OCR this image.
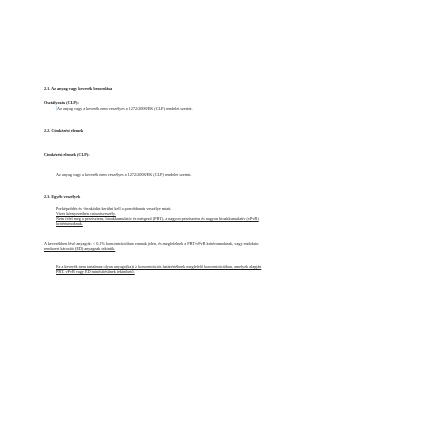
2.1. Az anyag vagy keverék besorolása
Osztályozás (CLP):
Az anyag vagy a keverék nem veszélyes a 1272/2008/EK (CLP) rendelet szerint.
2.2. Címkézési elemek
Címkézési elemek (CLP):
Az anyag vagy a keverék nem veszélyes a 1272/2008/EK (CLP) rendelet szerint.
2.3. Egyéb veszélyek
Porképződés és -lerakódás kerülni kell a porrobbanás veszélye miatt.
Vizes környezetben csúszásveszély.
Nem felel meg a perzisztens, bioakkumulatív és mérgező (PBT), a nagyon perzisztens és nagyon bioakkumulatív (vPvB)
kritériumoknak.
A keverékben lévő anyagok: < 0,1% koncentrációban vannak jelen, és megfelelnek a PBT/vPvB kritériumoknak, vagy endokrin
rendszert károsító (ED) anyagnak tekintik.
Ez a keverék nem tartalmaz olyan anyago(ka)t ≥ koncentrációs határértéknek megfelelő koncentrációban, amelyek alapján
PBT, vPvB vagy ED minősítésűnek tekinthető.
